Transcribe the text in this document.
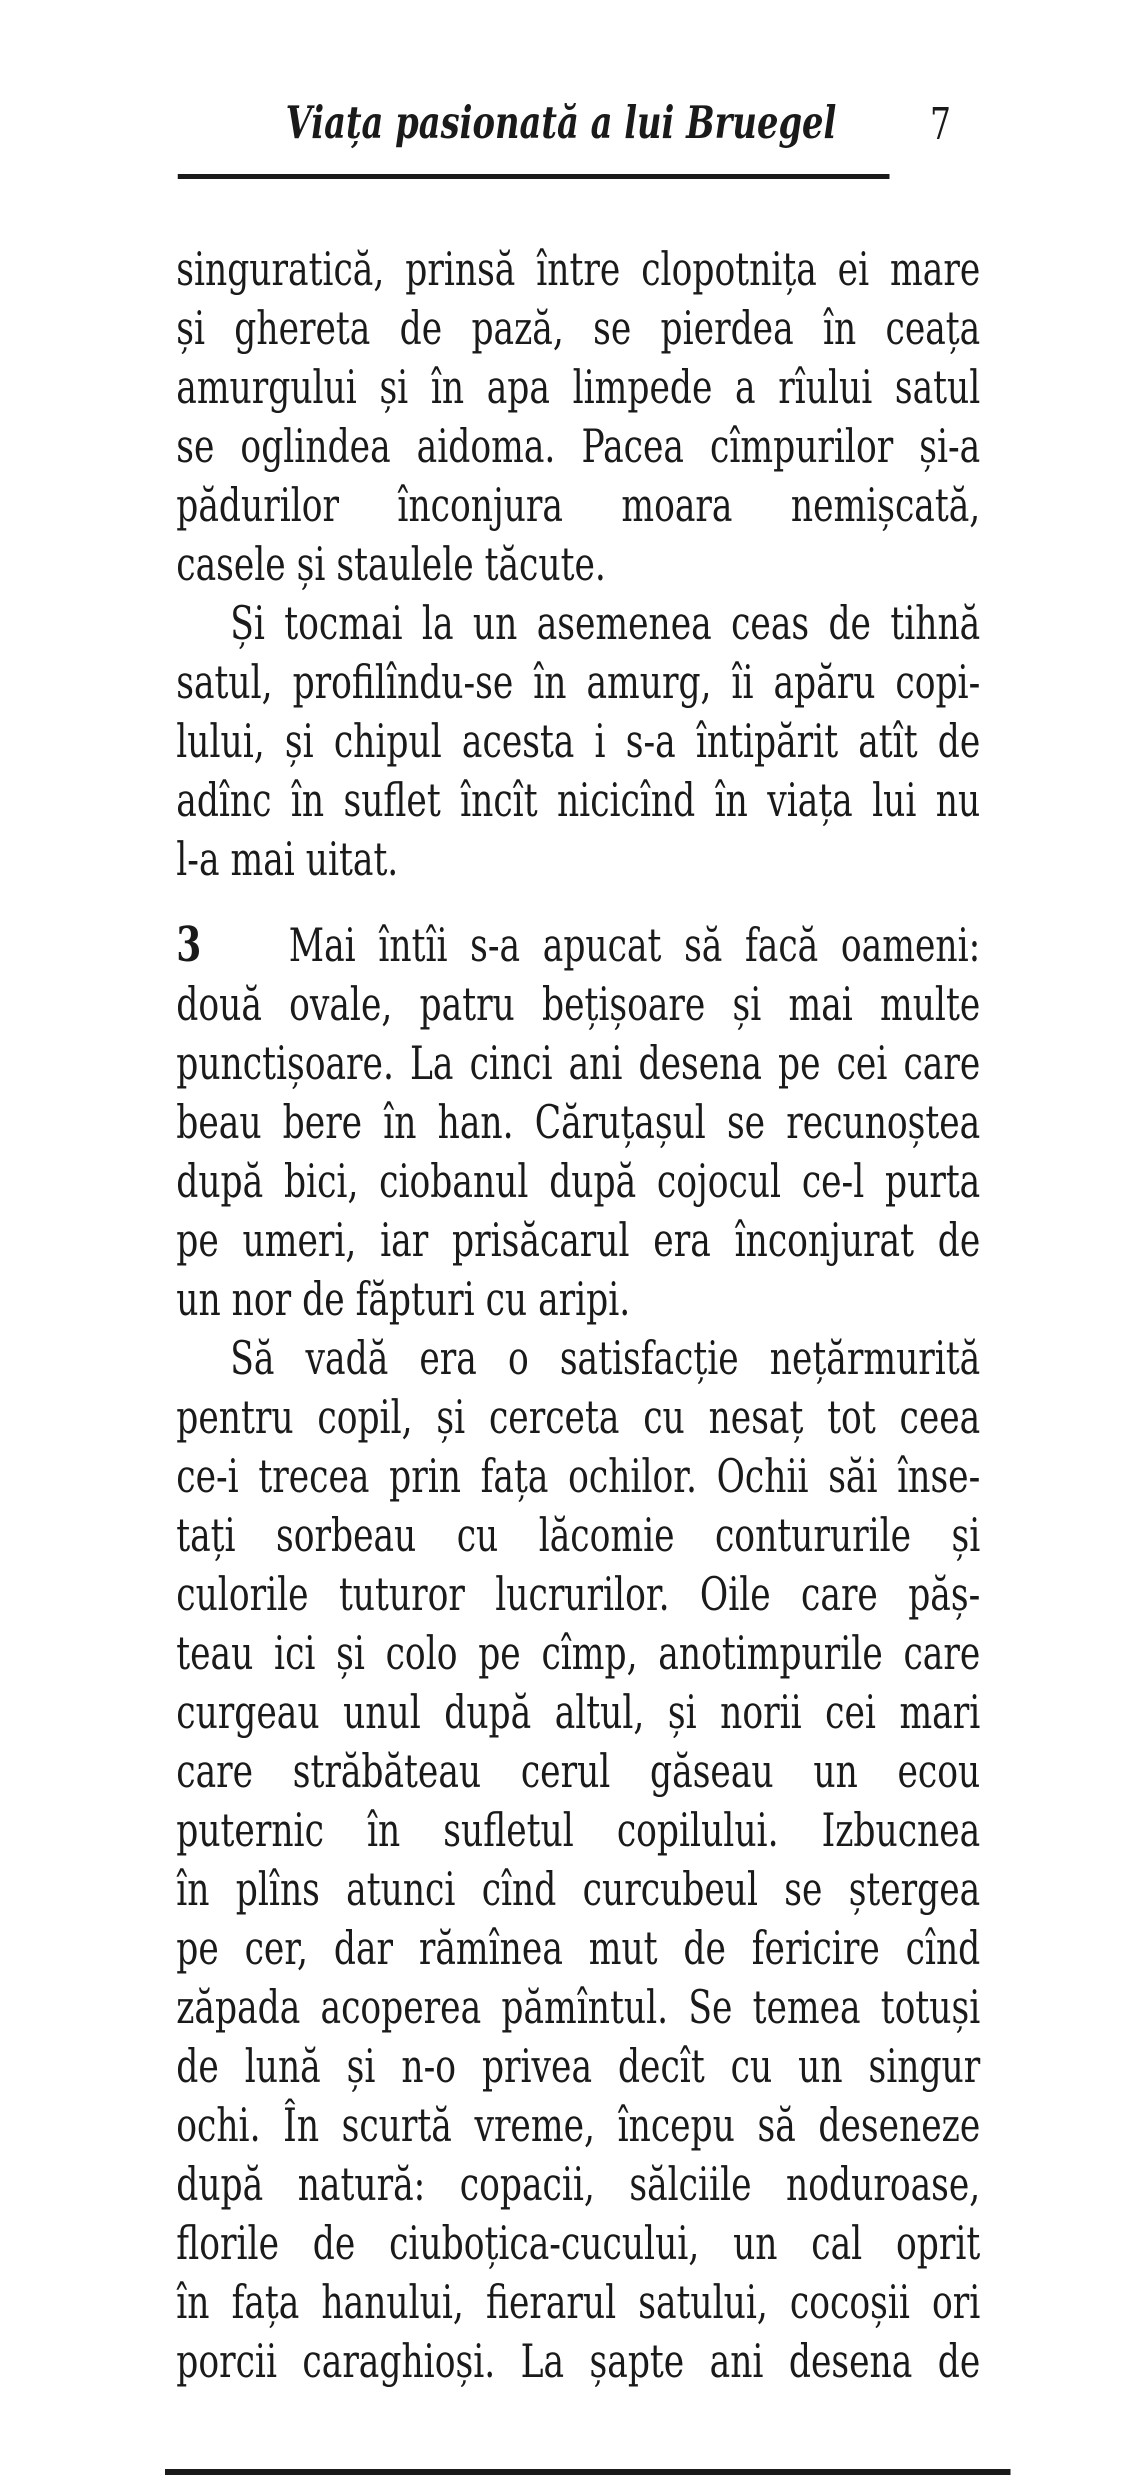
Viața pasionată a lui Bruegel	7
singuratică, prinsă între clopotnița ei mare
și ghereta de pază, se pierdea în ceața
amurgului și în apa limpede a rîului satul
se oglindea aidoma. Pacea cîmpurilor și-a
pădurilor înconjura moara nemișcată,
casele și staulele tăcute.
Și tocmai la un asemenea ceas de tihnă
satul, profilîndu-se în amurg, îi apăru copi-
lului, și chipul acesta i s-a întipărit atît de
adînc în suflet încît nicicînd în viața lui nu
l-a mai uitat.
3 Mai întîi s-a apucat să facă oameni:
două ovale, patru bețișoare și mai multe
punctișoare. La cinci ani desena pe cei care
beau bere în han. Căruțașul se recunoștea
după bici, ciobanul după cojocul ce-l purta
pe umeri, iar prisăcarul era înconjurat de
un nor de făpturi cu aripi.
Să vadă era o satisfacție nețărmurită
pentru copil, și cerceta cu nesaț tot ceea
ce-i trecea prin fața ochilor. Ochii săi înse-
tați sorbeau cu lăcomie contururile și
culorile tuturor lucrurilor. Oile care păș-
teau ici și colo pe cîmp, anotimpurile care
curgeau unul după altul, și norii cei mari
care străbăteau cerul găseau un ecou
puternic în sufletul copilului. Izbucnea
în plîns atunci cînd curcubeul se ștergea
pe cer, dar rămînea mut de fericire cînd
zăpada acoperea pămîntul. Se temea totuși
de lună și n-o privea decît cu un singur
ochi. În scurtă vreme, începu să deseneze
după natură: copacii, sălciile noduroase,
florile de ciuboțica-cucului, un cal oprit
în fața hanului, fierarul satului, cocoșii ori
porcii caraghioși. La șapte ani desena de
